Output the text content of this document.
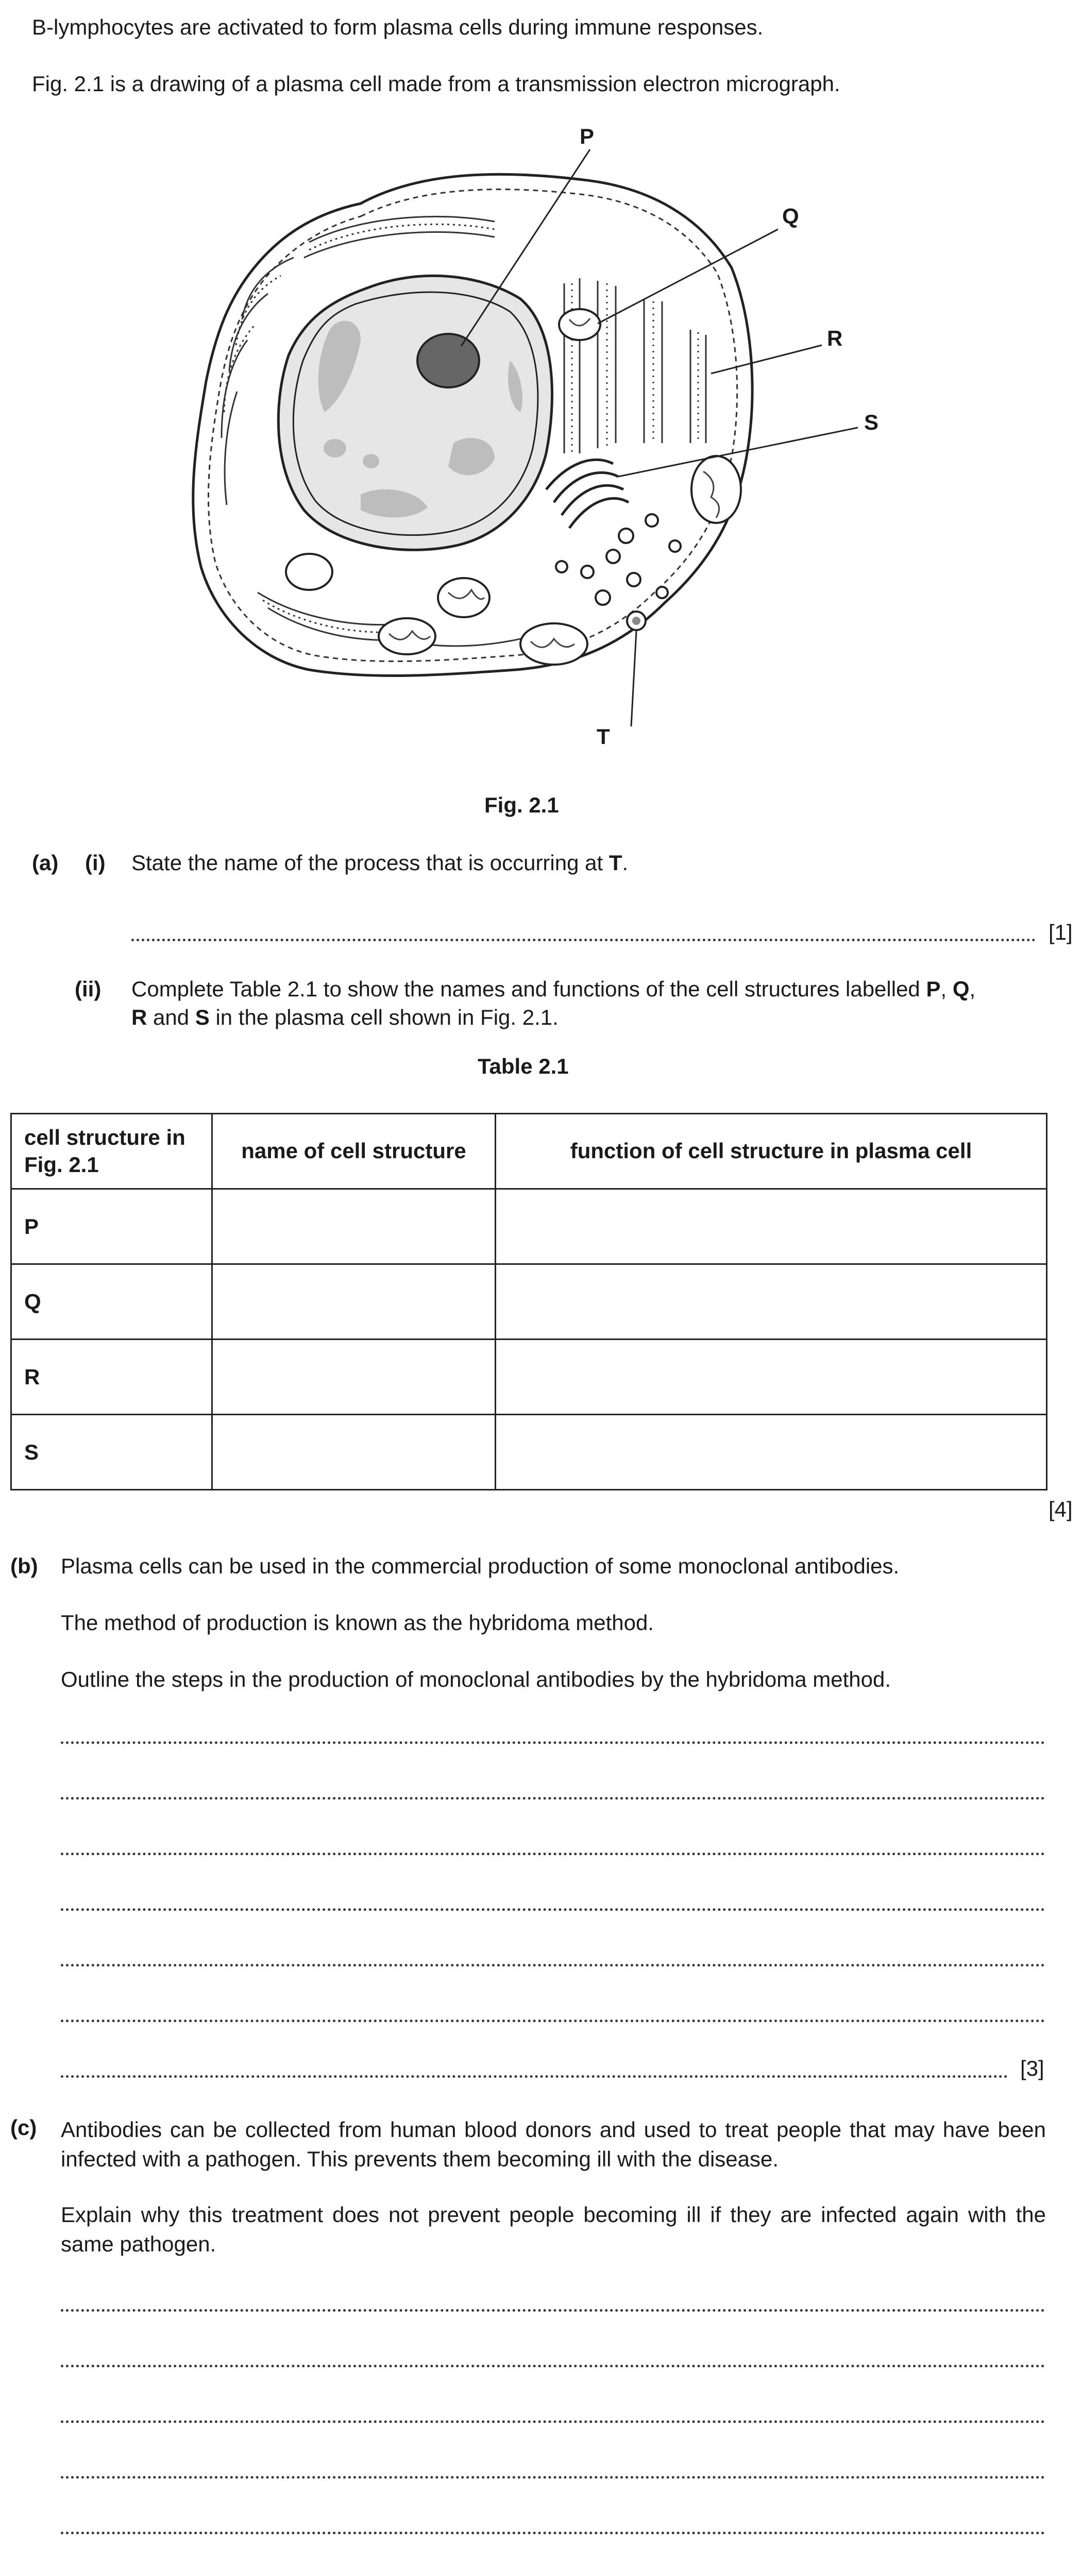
B-lymphocytes are activated to form plasma cells during immune responses.
Fig. 2.1 is a drawing of a plasma cell made from a transmission electron micrograph.
P
Q
R
S
T
Fig. 2.1
(a) (i) State the name of the process that is occurring at T.
[1]
(ii) Complete Table 2.1 to show the names and functions of the cell structures labelled P, Q,
R and S in the plasma cell shown in Fig. 2.1.
Table 2.1
cell structure in Fig. 2.1	name of cell structure	function of cell structure in plasma cell
P		
Q		
R		
S		
[4]
(b) Plasma cells can be used in the commercial production of some monoclonal antibodies.
The method of production is known as the hybridoma method.
Outline the steps in the production of monoclonal antibodies by the hybridoma method.
[3]
(c) Antibodies can be collected from human blood donors and used to treat people that may have been infected with a pathogen. This prevents them becoming ill with the disease.
Explain why this treatment does not prevent people becoming ill if they are infected again with the same pathogen.
